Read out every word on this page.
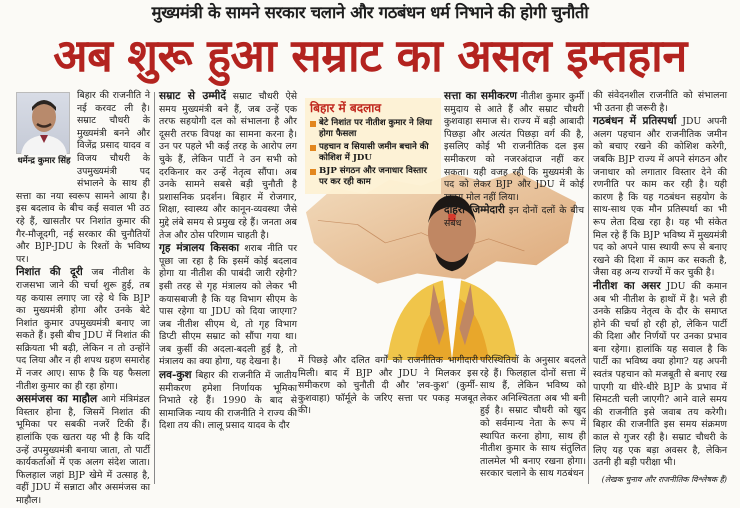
मुख्यमंत्री के सामने सरकार चलाने और गठबंधन धर्म निभाने की होगी चुनौती
अब शुरू हुआ सम्राट का असल इम्तहान
धर्मेन्द्र कुमार सिंह

बिहार की राजनीति ने नई करवट ली है। सम्राट चौधरी के मुख्यमंत्री बनने और विजेंद्र प्रसाद यादव व विजय चौधरी के उपमुख्यमंत्री पद संभालने के साथ ही सत्ता का नया स्वरूप सामने आया है। इस बदलाव के बीच कई सवाल भी उठ रहे हैं, खासतौर पर निशांत कुमार की गैर-मौजूदगी, नई सरकार की चुनौतियों और BJP-JDU के रिश्तों के भविष्य पर।

निशांत की दूरी जब नीतीश के राजसभा जाने की चर्चा शुरू हुई, तब यह कयास लगाए जा रहे थे कि BJP का मुख्यमंत्री होगा और उनके बेटे निशांत कुमार उपमुख्यमंत्री बनाए जा सकते हैं। इसी बीच JDU में निशांत की सक्रियता भी बढ़ी, लेकिन न तो उन्होंने पद लिया और न ही शपथ ग्रहण समारोह में नजर आए। साफ है कि यह फैसला नीतीश कुमार का ही रहा होगा।

असमंजस का माहौल आगे मंत्रिमंडल विस्तार होना है, जिसमें निशांत की भूमिका पर सबकी नजरें टिकी हैं। हालांकि एक खतरा यह भी है कि यदि उन्हें उपमुख्यमंत्री बनाया जाता, तो पार्टी कार्यकर्ताओं में एक अलग संदेश जाता। फिलहाल जहां BJP खेमे में उत्साह है, वहीं JDU में सन्नाटा और असमंजस का माहौल।

सम्राट से उम्मीदें सम्राट चौधरी ऐसे समय मुख्यमंत्री बने हैं, जब उन्हें एक तरफ सहयोगी दल को संभालना है और दूसरी तरफ विपक्ष का सामना करना है। उन पर पहले भी कई तरह के आरोप लग चुके हैं, लेकिन पार्टी ने उन सभी को दरकिनार कर उन्हें नेतृत्व सौंपा। अब उनके सामने सबसे बड़ी चुनौती है प्रशासनिक प्रदर्शन। बिहार में रोजगार, शिक्षा, स्वास्थ्य और कानून-व्यवस्था जैसे मुद्दे लंबे समय से प्रमुख रहे हैं। जनता अब तेज और ठोस परिणाम चाहती है।

गृह मंत्रालय किसका शराब नीति पर पूछा जा रहा है कि इसमें कोई बदलाव होगा या नीतीश की पाबंदी जारी रहेगी? इसी तरह से गृह मंत्रालय को लेकर भी कयासबाजी है कि यह विभाग सीएम के पास रहेगा या JDU को दिया जाएगा? जब नीतीश सीएम थे, तो गृह विभाग डिप्टी सीएम सम्राट को सौंपा गया था। जब कुर्सी की अदला-बदली हुई है, तो मंत्रालय का क्या होगा, यह देखना है।

लव-कुश बिहार की राजनीति में जातीय समीकरण हमेशा निर्णायक भूमिका निभाते रहे हैं। 1990 के बाद से सामाजिक न्याय की राजनीति ने राज्य की दिशा तय की। लालू प्रसाद यादव के दौर

बिहार में बदलाव
बेटे निशांत पर नीतीश कुमार ने लिया होगा फैसला
पहचान व सियासी जमीन बचाने की कोशिश में JDU
BJP संगठन और जनाधार विस्तार पर कर रही काम

सत्ता का समीकरण नीतीश कुमार कुर्मी समुदाय से आते हैं और सम्राट चौधरी कुशवाहा समाज से। राज्य में बड़ी आबादी पिछड़ा और अत्यंत पिछड़ा वर्ग की है, इसलिए कोई भी राजनीतिक दल इस समीकरण को नजरअंदाज नहीं कर सकता। यही वजह रही कि मुख्यमंत्री के पद को लेकर BJP और JDU में कोई खतरा मोल नहीं लिया।

दोहरी जिम्मेदारी इन दोनों दलों के बीच संबंध

परिस्थितियों के अनुसार बदलते रहे हैं। फिलहाल दोनों सत्ता में साथ हैं, लेकिन भविष्य को लेकर अनिश्चितता अब भी बनी हुई है। सम्राट चौधरी को खुद को सर्वमान्य नेता के रूप में स्थापित करना होगा, साथ ही नीतीश कुमार के साथ संतुलित तालमेल भी बनाए रखना होगा। सरकार चलाने के साथ गठबंधन

में पिछड़े और दलित वर्गों को राजनीतिक भागीदारी मिली। बाद में BJP और JDU ने मिलकर इस समीकरण को चुनौती दी और 'लव-कुश' (कुर्मी-कुशवाहा) फॉर्मूले के जरिए सत्ता पर पकड़ मजबूत की।

की संवेदनशील राजनीति को संभालना भी उतना ही जरूरी है।

गठबंधन में प्रतिस्पर्धा JDU अपनी अलग पहचान और राजनीतिक जमीन को बचाए रखने की कोशिश करेगी, जबकि BJP राज्य में अपने संगठन और जनाधार को लगातार विस्तार देने की रणनीति पर काम कर रही है। यही कारण है कि यह गठबंधन सहयोग के साथ-साथ एक मौन प्रतिस्पर्धा का भी रूप लेता दिख रहा है। यह भी संकेत मिल रहे हैं कि BJP भविष्य में मुख्यमंत्री पद को अपने पास स्थायी रूप से बनाए रखने की दिशा में काम कर सकती है, जैसा वह अन्य राज्यों में कर चुकी है।

नीतीश का असर JDU की कमान अब भी नीतीश के हाथों में है। भले ही उनके सक्रिय नेतृत्व के दौर के समाप्त होने की चर्चा हो रही हो, लेकिन पार्टी की दिशा और निर्णयों पर उनका प्रभाव बना रहेगा। हालांकि यह सवाल है कि पार्टी का भविष्य क्या होगा? यह अपनी स्वतंत्र पहचान को मजबूती से बनाए रख पाएगी या धीरे-धीरे BJP के प्रभाव में सिमटती चली जाएगी? आने वाले समय की राजनीति इसे जवाब तय करेगी। बिहार की राजनीति इस समय संक्रमण काल से गुजर रही है। सम्राट चौधरी के लिए यह एक बड़ा अवसर है, लेकिन उतनी ही बड़ी परीक्षा भी।

(लेखक चुनाव और राजनीतिक विश्लेषक हैं)
